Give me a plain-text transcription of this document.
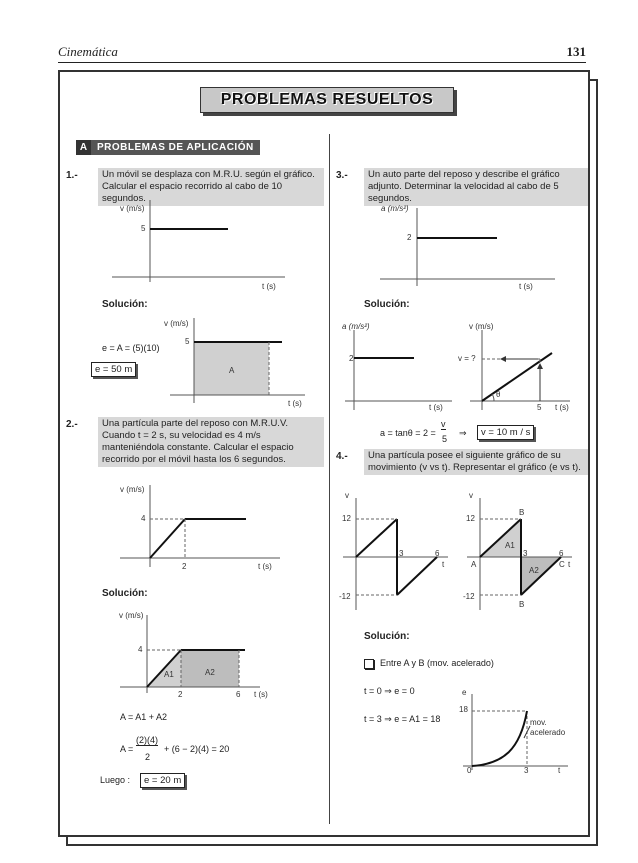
Cinemática	131
PROBLEMAS RESUELTOS
A PROBLEMAS DE APLICACIÓN
1.-	Un móvil se desplaza con M.R.U. según el gráfico. Calcular el espacio recorrido al cabo de 10 segundos.
v (m/s)
5
t (s)
Solución:
v (m/s)
5
A
t (s)
e = A = (5)(10)
e = 50 m
2.-	Una partícula parte del reposo con M.R.U.V. Cuando t = 2 s, su velocidad es 4 m/s manteniéndola constante. Calcular el espacio recorrido por el móvil hasta los 6 segundos.
v (m/s)
4
2	t (s)
Solución:
v (m/s)
4
A1	A2
2	6 t (s)
A = A1 + A2
A =
(2)(4)
2
+ (6 − 2)(4) = 20
Luego :	e = 20 m
3.-	Un auto parte del reposo y describe el gráfico adjunto. Determinar la velocidad al cabo de 5 segundos.
a (m/s²)
2
t (s)
Solución:
a (m/s²)
2
t (s)
v (m/s)
v = ?
θ
5 t (s)
a = tanθ = 2 =
v
5
⇒	v = 10 m / s
4.-	Una partícula posee el siguiente gráfico de su movimiento (v vs t). Representar el gráfico (e vs t).
v
12
-12
3	6
t
v
12
-12
B
B
A	C
3	6
t
A1
A2
Solución:
Entre A y B (mov. acelerado)
t = 0 ⇒ e = 0
t = 3 ⇒ e = A1 = 18
e
18
0	3	t
mov.
acelerado
